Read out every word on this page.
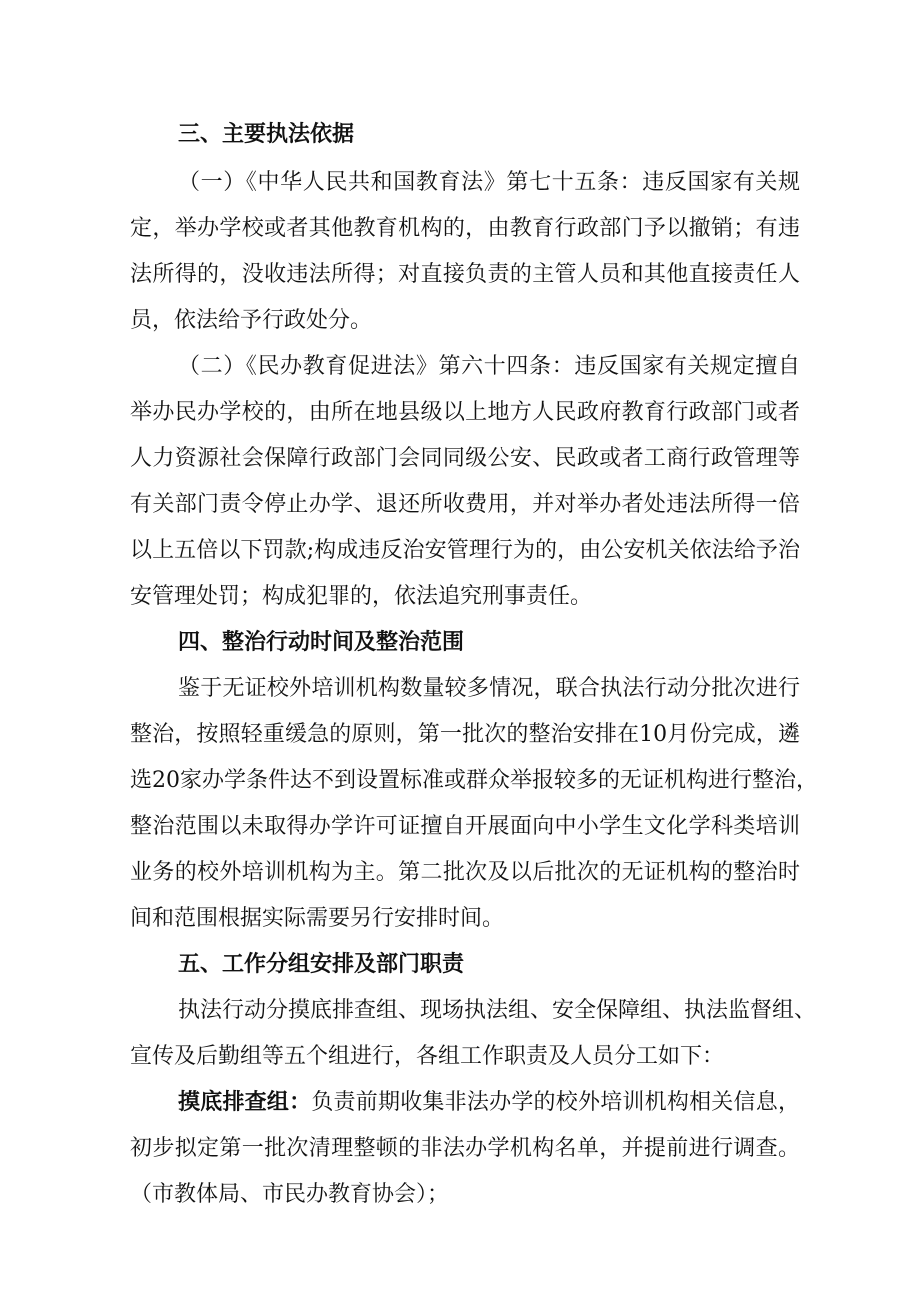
三、主要执法依据
（一）《中华人民共和国教育法》第七十五条：违反国家有关规
定，举办学校或者其他教育机构的，由教育行政部门予以撤销；有违
法所得的，没收违法所得；对直接负责的主管人员和其他直接责任人
员，依法给予行政处分。
（二）《民办教育促进法》第六十四条：违反国家有关规定擅自
举办民办学校的，由所在地县级以上地方人民政府教育行政部门或者
人力资源社会保障行政部门会同同级公安、民政或者工商行政管理等
有关部门责令停止办学、退还所收费用，并对举办者处违法所得一倍
以上五倍以下罚款;构成违反治安管理行为的，由公安机关依法给予治
安管理处罚；构成犯罪的，依法追究刑事责任。
四、整治行动时间及整治范围
鉴于无证校外培训机构数量较多情况，联合执法行动分批次进行
整治，按照轻重缓急的原则，第一批次的整治安排在10月份完成，遴
选20家办学条件达不到设置标准或群众举报较多的无证机构进行整治，
整治范围以未取得办学许可证擅自开展面向中小学生文化学科类培训
业务的校外培训机构为主。第二批次及以后批次的无证机构的整治时
间和范围根据实际需要另行安排时间。
五、工作分组安排及部门职责
执法行动分摸底排查组、现场执法组、安全保障组、执法监督组、
宣传及后勤组等五个组进行，各组工作职责及人员分工如下：
摸底排查组：负责前期收集非法办学的校外培训机构相关信息，
初步拟定第一批次清理整顿的非法办学机构名单，并提前进行调查。
（市教体局、市民办教育协会）；
